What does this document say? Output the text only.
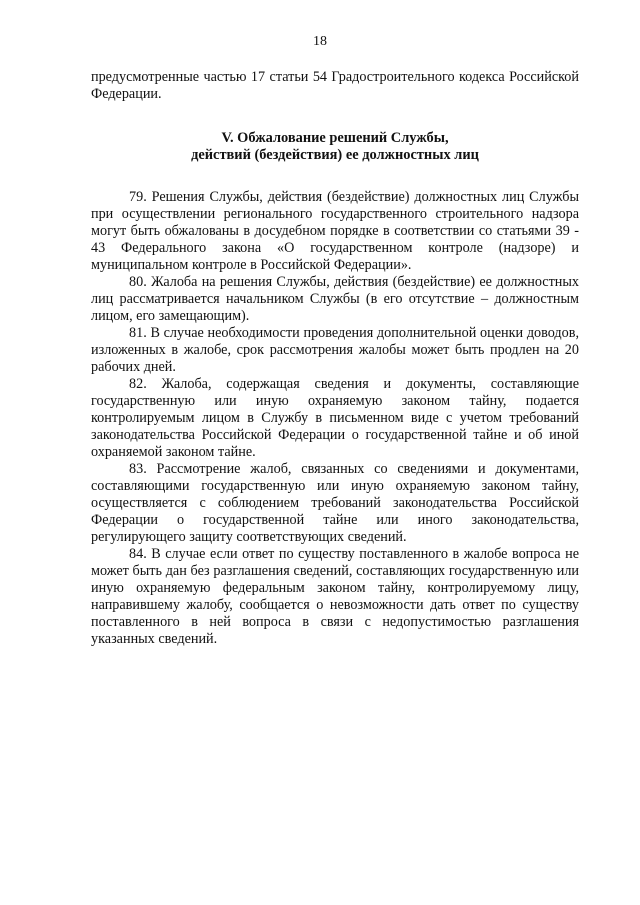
18

предусмотренные частью 17 статьи 54 Градостроительного кодекса Российской Федерации.

V. Обжалование решений Службы,
действий (бездействия) ее должностных лиц

79. Решения Службы, действия (бездействие) должностных лиц Службы при осуществлении регионального государственного строительного надзора могут быть обжалованы в досудебном порядке в соответствии со статьями 39 - 43 Федерального закона «О государственном контроле (надзоре) и муниципальном контроле в Российской Федерации».

80. Жалоба на решения Службы, действия (бездействие) ее должностных лиц рассматривается начальником Службы (в его отсутствие – должностным лицом, его замещающим).

81. В случае необходимости проведения дополнительной оценки доводов, изложенных в жалобе, срок рассмотрения жалобы может быть продлен на 20 рабочих дней.

82. Жалоба, содержащая сведения и документы, составляющие государственную или иную охраняемую законом тайну, подается контролируемым лицом в Службу в письменном виде с учетом требований законодательства Российской Федерации о государственной тайне и об иной охраняемой законом тайне.

83. Рассмотрение жалоб, связанных со сведениями и документами, составляющими государственную или иную охраняемую законом тайну, осуществляется с соблюдением требований законодательства Российской Федерации о государственной тайне или иного законодательства, регулирующего защиту соответствующих сведений.

84. В случае если ответ по существу поставленного в жалобе вопроса не может быть дан без разглашения сведений, составляющих государственную или иную охраняемую федеральным законом тайну, контролируемому лицу, направившему жалобу, сообщается о невозможности дать ответ по существу поставленного в ней вопроса в связи с недопустимостью разглашения указанных сведений.
